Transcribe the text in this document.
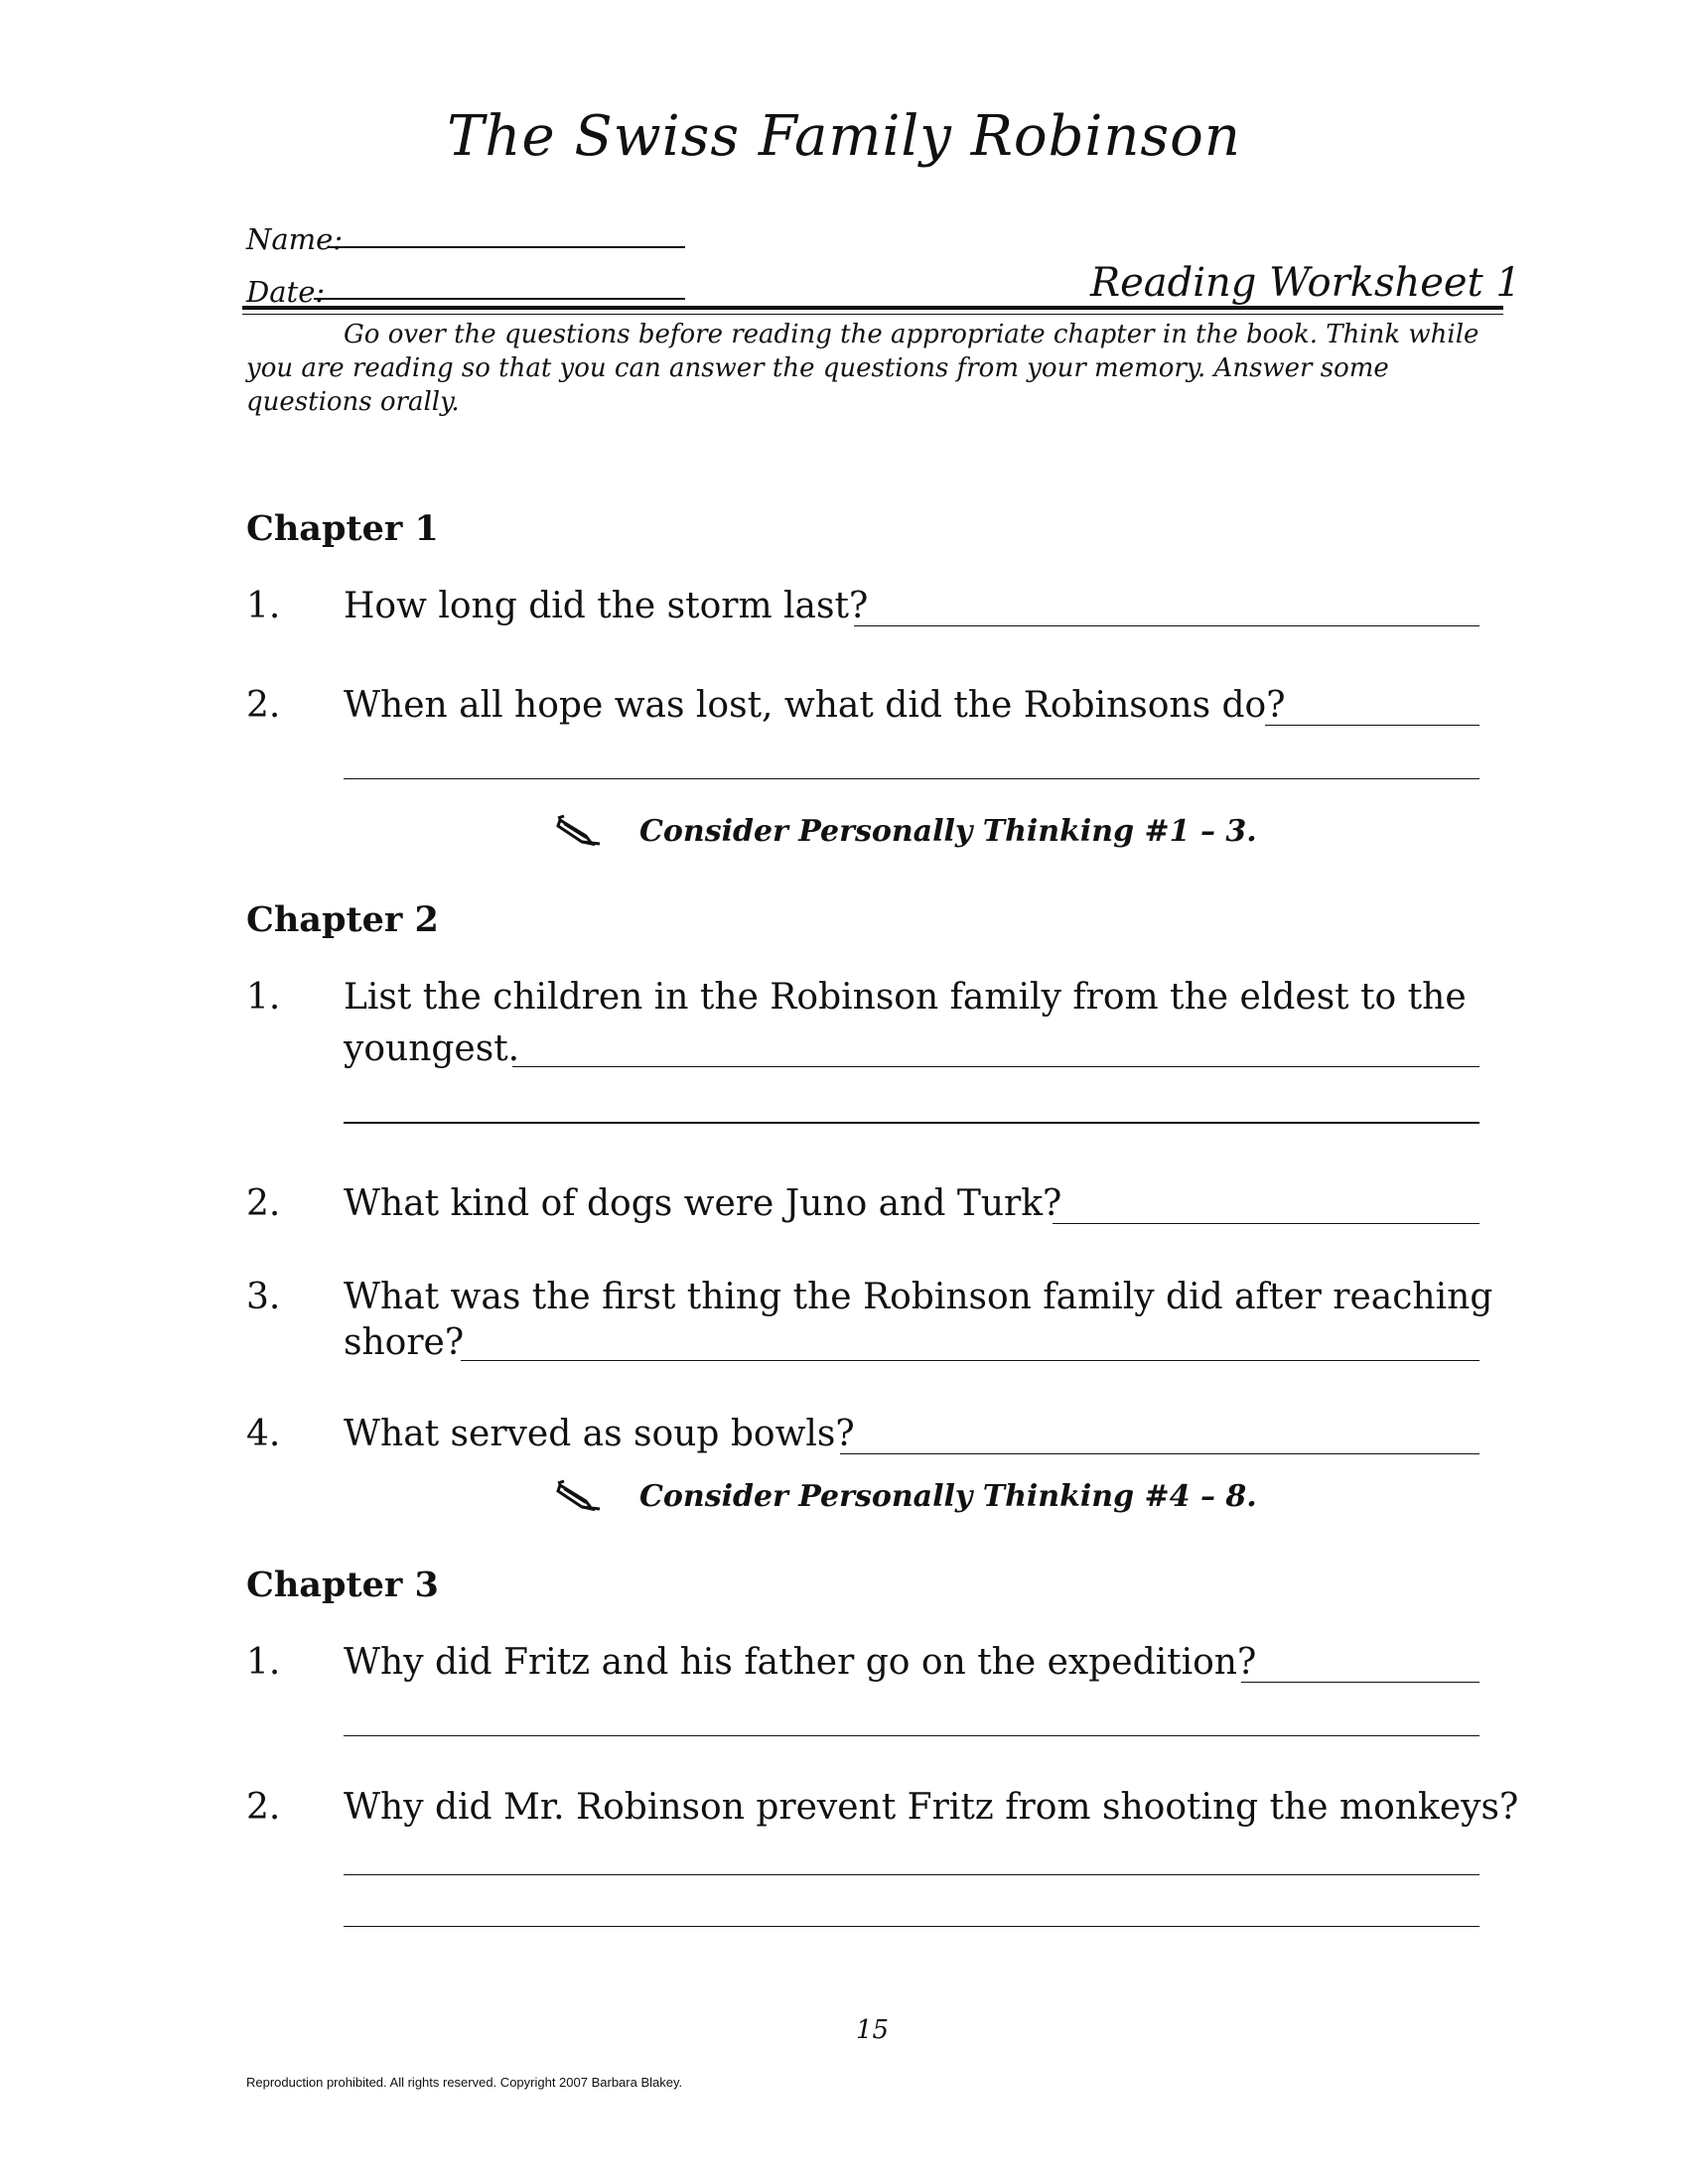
The Swiss Family Robinson
Name:
Date:	Reading Worksheet 1
Go over the questions before reading the appropriate chapter in the book. Think while you are reading so that you can answer the questions from your memory. Answer some questions orally.
Chapter 1
1. How long did the storm last?
2. When all hope was lost, what did the Robinsons do?
Consider Personally Thinking #1 – 3.
Chapter 2
1. List the children in the Robinson family from the eldest to the
youngest.
2. What kind of dogs were Juno and Turk?
3. What was the first thing the Robinson family did after reaching
shore?
4. What served as soup bowls?
Consider Personally Thinking #4 – 8.
Chapter 3
1. Why did Fritz and his father go on the expedition?
2. Why did Mr. Robinson prevent Fritz from shooting the monkeys?
15
Reproduction prohibited. All rights reserved. Copyright 2007 Barbara Blakey.
